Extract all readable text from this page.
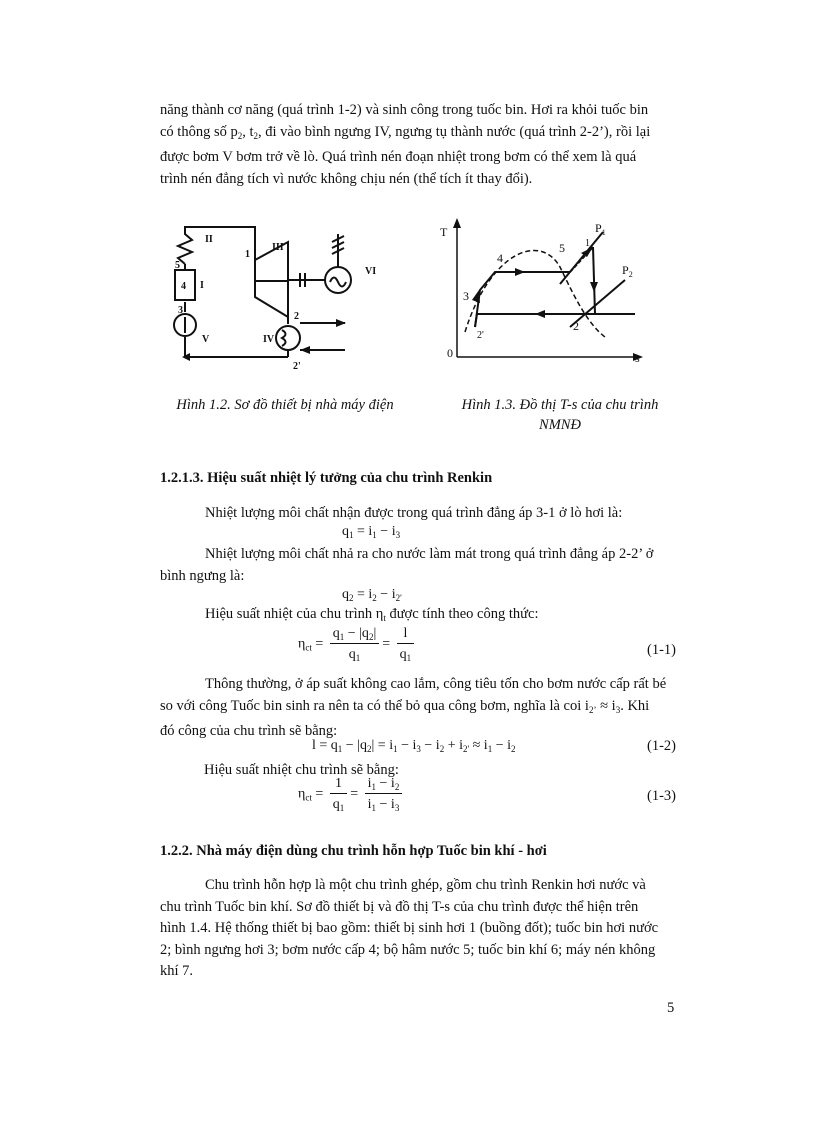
năng thành cơ năng (quá trình 1-2) và sinh công trong tuốc bin. Hơi ra khỏi tuốc bin
có thông số $p_2$, $t_2$, đi vào bình ngưng IV, ngưng tụ thành nước (quá trình 2-2’), rồi lại
được bơm V bơm trở về lò. Quá trình nén đoạn nhiệt trong bơm có thể xem là quá
trình nén đẳng tích vì nước không chịu nén (thể tích ít thay đổi).
II
III
VI
I
IV
V
1
2
2'
3
4
5
T
s
0
$P_1$
$P_2$
1
2
2'
3
4
5
Hình 1.2. Sơ đồ thiết bị nhà máy điện	Hình 1.3. Đồ thị T-s của chu trình
NMNĐ
1.2.1.3. Hiệu suất nhiệt lý tưởng của chu trình Renkin
Nhiệt lượng môi chất nhận được trong quá trình đẳng áp 3-1 ở lò hơi là:
$q_1 = i_1 - i_3$
Nhiệt lượng môi chất nhả ra cho nước làm mát trong quá trình đẳng áp 2-2’ ở
bình ngưng là:
$q_2 = i_2 - i_{2'}$
Hiệu suất nhiệt của chu trình $\eta_t$ được tính theo công thức:
$\eta_{ct} = \frac{q_1 - |q_2|}{q_1} = \frac{l}{q_1}$	(1-1)
Thông thường, ở áp suất không cao lắm, công tiêu tốn cho bơm nước cấp rất bé
so với công Tuốc bin sinh ra nên ta có thể bỏ qua công bơm, nghĩa là coi $i_{2’} \approx i_3$. Khi
đó công của chu trình sẽ bằng:
$l = q_1 - |q_2| = i_1 - i_3 - i_2 + i_{2'} \approx i_1 - i_2$	(1-2)
Hiệu suất nhiệt chu trình sẽ bằng:
$\eta_{ct} = \frac{1}{q_1} = \frac{i_1 - i_2}{i_1 - i_3}$	(1-3)
1.2.2. Nhà máy điện dùng chu trình hỗn hợp Tuốc bin khí - hơi
Chu trình hỗn hợp là một chu trình ghép, gồm chu trình Renkin hơi nước và
chu trình Tuốc bin khí. Sơ đồ thiết bị và đồ thị T-s của chu trình được thể hiện trên
hình 1.4. Hệ thống thiết bị bao gồm: thiết bị sinh hơi 1 (buồng đốt); tuốc bin hơi nước
2; bình ngưng hơi 3; bơm nước cấp 4; bộ hâm nước 5; tuốc bin khí 6; máy nén không
khí 7.
5
